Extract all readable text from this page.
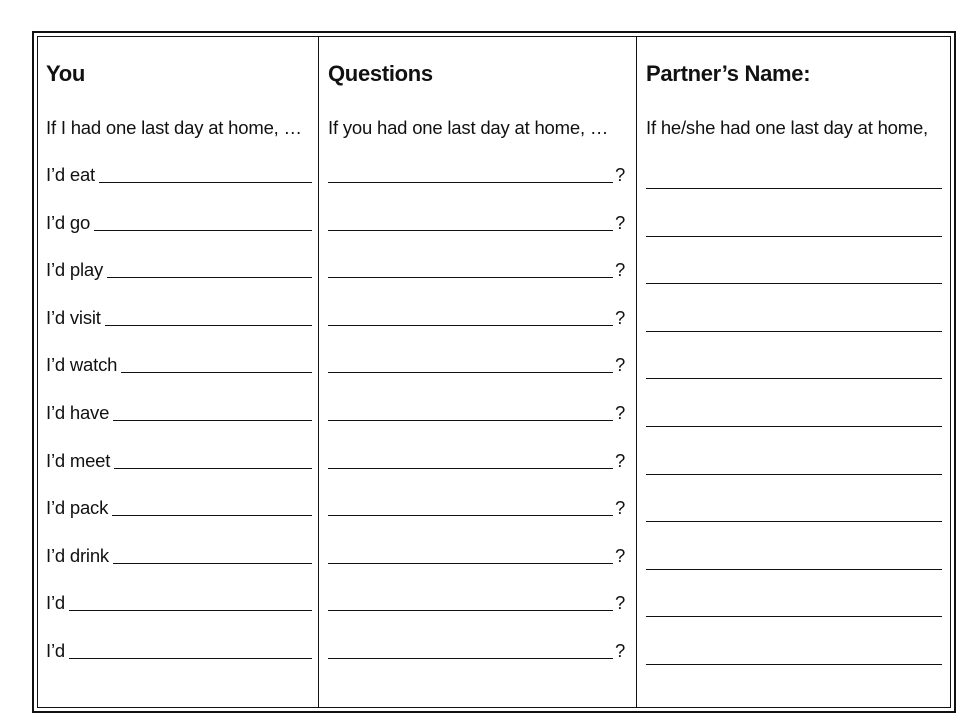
You
If I had one last day at home, …
I’d eat
I’d go
I’d play
I’d visit
I’d watch
I’d have
I’d meet
I’d pack
I’d drink
I’d
I’d
Questions
If you had one last day at home, …
?
?
?
?
?
?
?
?
?
?
?
Partner’s Name:
If he/she had one last day at home,
